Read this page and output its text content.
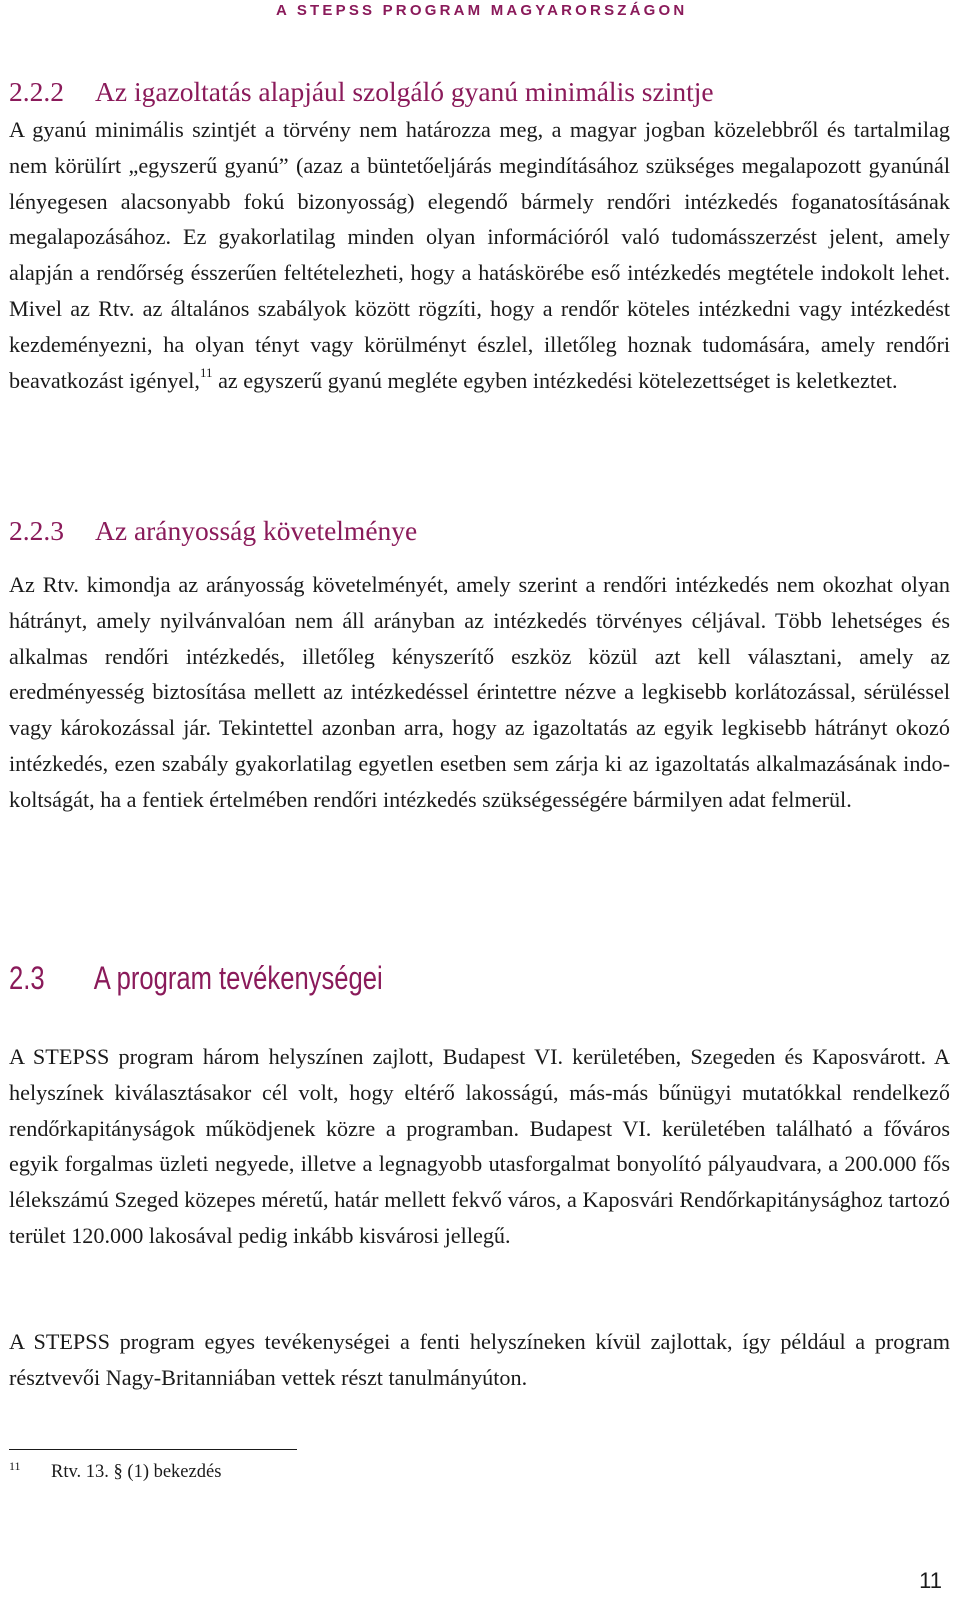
A STEPSS PROGRAM MAGYARORSZÁGON
2.2.2 Az igazoltatás alapjául szolgáló gyanú minimális szintje

A gyanú minimális szintjét a törvény nem határozza meg, a magyar jogban közelebbről és tartalmilag nem körülírt „egyszerű gyanú” (azaz a büntetőeljárás megindításához szükséges megalapozott gyanúnál lényegesen alacsonyabb fokú bizonyosság) elegendő bármely rendőri intézkedés foganatosításának megalapozásához. Ez gyakorlatilag minden olyan információról való tudomásszerzést jelent, amely alapján a rendőrség ésszerűen feltételezheti, hogy a hatáskörébe eső intézkedés megtétele indokolt lehet. Mivel az Rtv. az általános szabályok között rögzíti, hogy a rendőr köteles intézkedni vagy intézkedést kezdeményezni, ha olyan tényt vagy körülményt észlel, illetőleg hoznak tudomására, amely rendőri beavatkozást igényel,$^{11}$ az egyszerű gyanú megléte egyben intézkedési kötelezettséget is keletkeztet.

2.2.3 Az arányosság követelménye

Az Rtv. kimondja az arányosság követelményét, amely szerint a rendőri intézkedés nem okozhat olyan hátrányt, amely nyilvánvalóan nem áll arányban az intézkedés törvényes céljával. Több lehetséges és alkalmas rendőri intézkedés, illetőleg kényszerítő eszköz közül azt kell választani, amely az eredményesség biztosítása mellett az intézkedéssel érintettre nézve a legkisebb korlátozással, sérüléssel vagy károkozással jár. Tekintettel azonban arra, hogy az igazoltatás az egyik legkisebb hátrányt okozó intézkedés, ezen szabály gyakorlatilag egyetlen esetben sem zárja ki az igazoltatás alkalmazásának indokoltságát, ha a fentiek értelmében rendőri intézkedés szükségességére bármilyen adat felmerül.

2.3 A program tevékenységei

A STEPSS program három helyszínen zajlott, Budapest VI. kerületében, Szegeden és Kaposvárott. A helyszínek kiválasztásakor cél volt, hogy eltérő lakosságú, más-más bűnügyi mutatókkal rendelkező rendőrkapitányságok működjenek közre a programban. Budapest VI. kerületében található a főváros egyik forgalmas üzleti negyede, illetve a legnagyobb utasforgalmat bonyolító pályaudvara, a 200.000 fős lélekszámú Szeged közepes méretű, határ mellett fekvő város, a Kaposvári Rendőrkapitánysághoz tartozó terület 120.000 lakosával pedig inkább kisvárosi jellegű.

A STEPSS program egyes tevékenységei a fenti helyszíneken kívül zajlottak, így például a program résztvevői Nagy-Britanniában vettek részt tanulmányúton.

11 Rtv. 13. § (1) bekezdés
11
